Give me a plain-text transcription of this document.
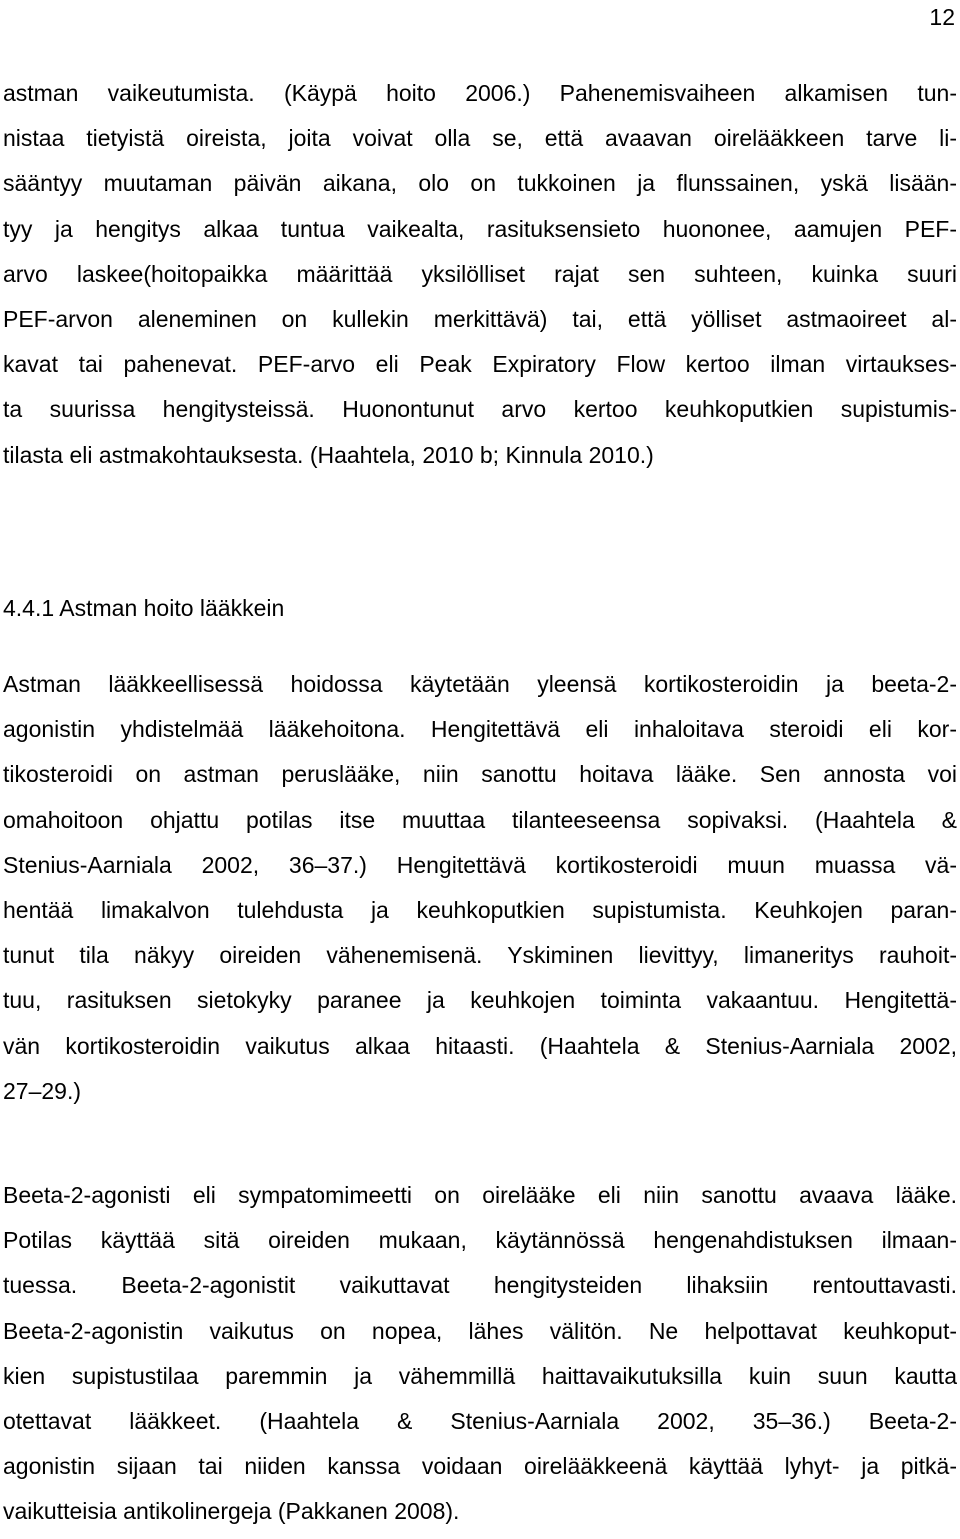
12
astman vaikeutumista. (Käypä hoito 2006.) Pahenemisvaiheen alkamisen tun-
nistaa tietyistä oireista, joita voivat olla se, että avaavan oirelääkkeen tarve li-
sääntyy muutaman päivän aikana, olo on tukkoinen ja flunssainen, yskä lisään-
tyy ja hengitys alkaa tuntua vaikealta, rasituksensieto huononee, aamujen PEF-
arvo laskee(hoitopaikka määrittää yksilölliset rajat sen suhteen, kuinka suuri
PEF-arvon aleneminen on kullekin merkittävä) tai, että yölliset astmaoireet al-
kavat tai pahenevat. PEF-arvo eli Peak Expiratory Flow kertoo ilman virtaukses-
ta suurissa hengitysteissä. Huonontunut arvo kertoo keuhkoputkien supistumis-
tilasta eli astmakohtauksesta. (Haahtela, 2010 b; Kinnula 2010.)
4.4.1 Astman hoito lääkkein
Astman lääkkeellisessä hoidossa käytetään yleensä kortikosteroidin ja beeta-2-
agonistin yhdistelmää lääkehoitona. Hengitettävä eli inhaloitava steroidi eli kor-
tikosteroidi on astman peruslääke, niin sanottu hoitava lääke. Sen annosta voi
omahoitoon ohjattu potilas itse muuttaa tilanteeseensa sopivaksi. (Haahtela &
Stenius-Aarniala 2002, 36–37.) Hengitettävä kortikosteroidi muun muassa vä-
hentää limakalvon tulehdusta ja keuhkoputkien supistumista. Keuhkojen paran-
tunut tila näkyy oireiden vähenemisenä. Yskiminen lievittyy, limaneritys rauhoit-
tuu, rasituksen sietokyky paranee ja keuhkojen toiminta vakaantuu. Hengitettä-
vän kortikosteroidin vaikutus alkaa hitaasti. (Haahtela & Stenius-Aarniala 2002,
27–29.)
Beeta-2-agonisti eli sympatomimeetti on oirelääke eli niin sanottu avaava lääke.
Potilas käyttää sitä oireiden mukaan, käytännössä hengenahdistuksen ilmaan-
tuessa. Beeta-2-agonistit vaikuttavat hengitysteiden lihaksiin rentouttavasti.
Beeta-2-agonistin vaikutus on nopea, lähes välitön. Ne helpottavat keuhkoput-
kien supistustilaa paremmin ja vähemmillä haittavaikutuksilla kuin suun kautta
otettavat lääkkeet. (Haahtela & Stenius-Aarniala 2002, 35–36.) Beeta-2-
agonistin sijaan tai niiden kanssa voidaan oirelääkkeenä käyttää lyhyt- ja pitkä-
vaikutteisia antikolinergeja (Pakkanen 2008).
